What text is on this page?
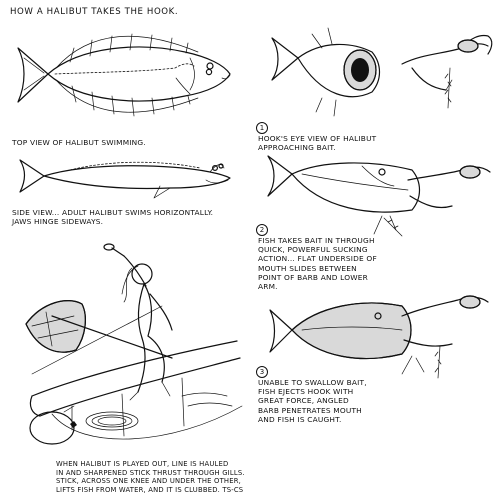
HOW A HALIBUT TAKES THE HOOK.
TOP VIEW OF HALIBUT SWIMMING.
SIDE VIEW... ADULT HALIBUT SWIMS HORIZONTALLY.
JAWS HINGE SIDEWAYS.
WHEN HALIBUT IS PLAYED OUT, LINE IS HAULED
IN AND SHARPENED STICK THRUST THROUGH GILLS.
STICK, ACROSS ONE KNEE AND UNDER THE OTHER,
LIFTS FISH FROM WATER, AND IT IS CLUBBED. TS-CS
1
HOOK'S EYE VIEW OF HALIBUT
APPROACHING BAIT.
2
FISH TAKES BAIT IN THROUGH
QUICK, POWERFUL SUCKING
ACTION... FLAT UNDERSIDE OF
MOUTH SLIDES BETWEEN
POINT OF BARB AND LOWER
ARM.
3
UNABLE TO SWALLOW BAIT,
FISH EJECTS HOOK WITH
GREAT FORCE, ANGLED
BARB PENETRATES MOUTH
AND FISH IS CAUGHT.
